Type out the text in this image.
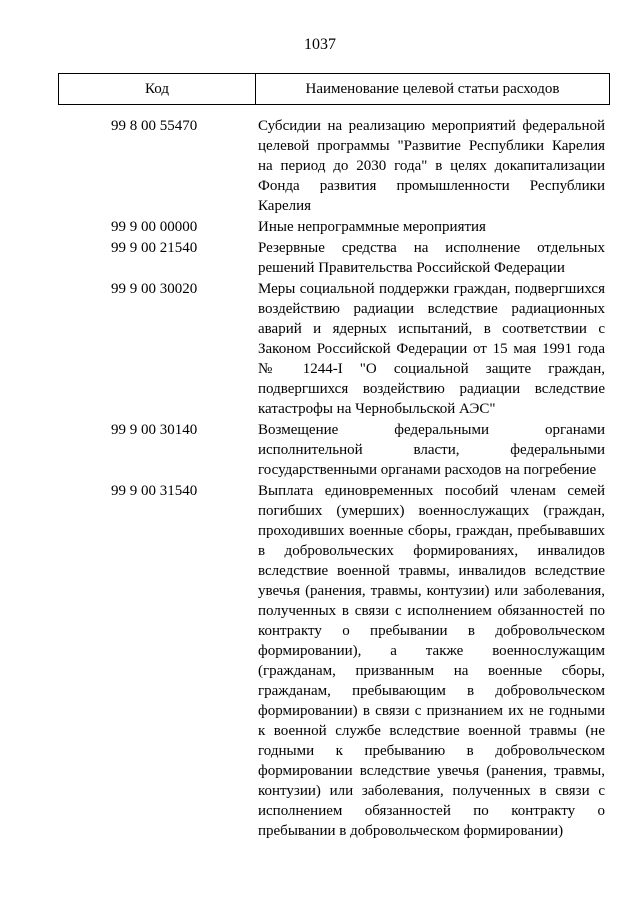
1037
Код	Наименование целевой статьи расходов
99 8 00 55470	Субсидии на реализацию мероприятий федеральной целевой программы "Развитие Республики Карелия на период до 2030 года" в целях докапитализации Фонда развития промышленности Республики Карелия
99 9 00 00000	Иные непрограммные мероприятия
99 9 00 21540	Резервные средства на исполнение отдельных решений Правительства Российской Федерации
99 9 00 30020	Меры социальной поддержки граждан, подвергшихся воздействию радиации вследствие радиационных аварий и ядерных испытаний, в соответствии с Законом Российской Федерации от 15 мая 1991 года № 1244-I "О социальной защите граждан, подвергшихся воздействию радиации вследствие катастрофы на Чернобыльской АЭС"
99 9 00 30140	Возмещение федеральными органами исполнительной власти, федеральными государственными органами расходов на погребение
99 9 00 31540	Выплата единовременных пособий членам семей погибших (умерших) военнослужащих (граждан, проходивших военные сборы, граждан, пребывавших в добровольческих формированиях, инвалидов вследствие военной травмы, инвалидов вследствие увечья (ранения, травмы, контузии) или заболевания, полученных в связи с исполнением обязанностей по контракту о пребывании в добровольческом формировании), а также военнослужащим (гражданам, призванным на военные сборы, гражданам, пребывающим в добровольческом формировании) в связи с признанием их не годными к военной службе вследствие военной травмы (не годными к пребыванию в добровольческом формировании вследствие увечья (ранения, травмы, контузии) или заболевания, полученных в связи с исполнением обязанностей по контракту о пребывании в добровольческом формировании)
